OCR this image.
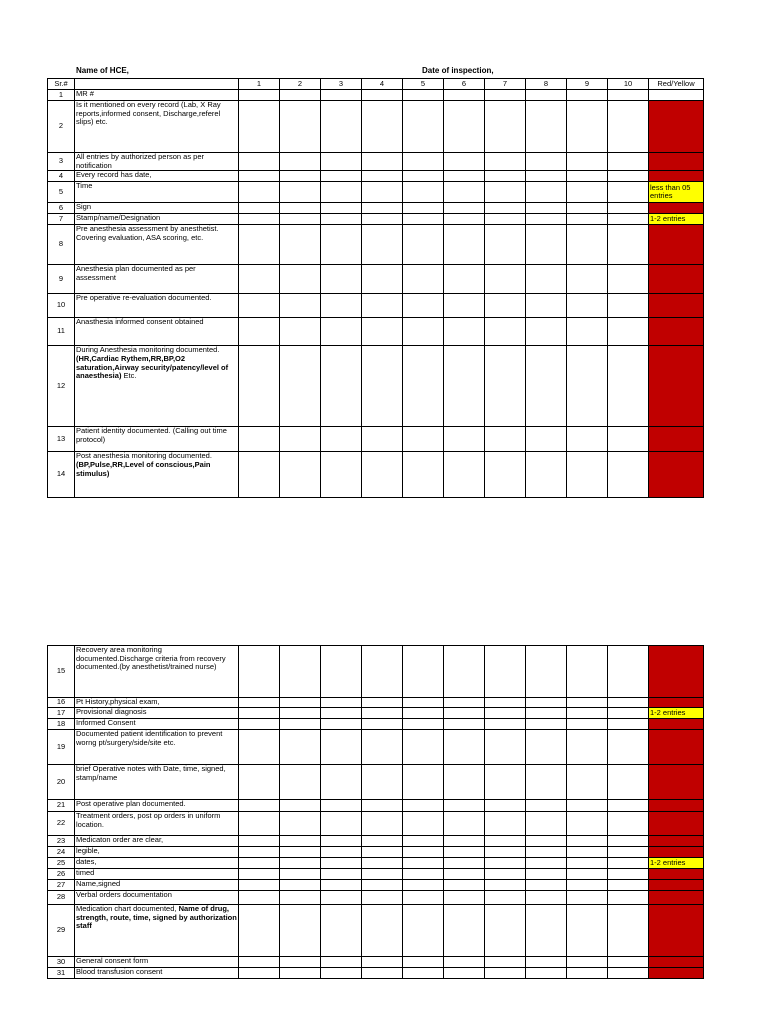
Name of HCE,	Date of inspection,
Sr.#		1	2	3	4	5	6	7	8	9	10	Red/Yellow
1	MR #											
2	Is it mentioned on every record (Lab, X Ray reports,informed consent, Discharge,referel slips) etc.											
3	All entries by authorized person as per notification											
4	Every record has date,											
5	Time											less than 05 entries
6	Sign											
7	Stamp/name/Designation											1-2 entries
8	Pre anesthesia assessment by anesthetist. Covering evaluation, ASA scoring, etc.											
9	Anesthesia plan documented as per assessment											
10	Pre operative re-evaluation documented.											
11	Anasthesia informed consent obtained											
12	During Anesthesia monitoring documented. (HR,Cardiac Rythem,RR,BP,O2 saturation,Airway security/patency/level of anaesthesia) Etc.											
13	Patient identity documented. (Calling out time protocol)											
14	Post anesthesia monitoring documented. (BP,Pulse,RR,Level of conscious,Pain stimulus)											
15	Recovery area monitoring documented.Discharge criteria from recovery documented.(by anesthetist/trained nurse)											
16	Pt History,physical exam,											
17	Provisional diagnosis											1-2 entries
18	Informed Consent											
19	Documented patient identification to prevent worng pt/surgery/side/site etc.											
20	brief Operative notes with Date, time, signed, stamp/name											
21	Post operative plan documented.											
22	Treatment orders, post op orders in uniform location.											
23	Medicaton order are clear,											
24	legible,											
25	dates,											1-2 entries
26	timed											
27	Name,signed											
28	Verbal orders documentation											
29	Medication chart documented, Name of drug, strength, route, time, signed by authorization staff											
30	General consent form											
31	Blood transfusion consent											
